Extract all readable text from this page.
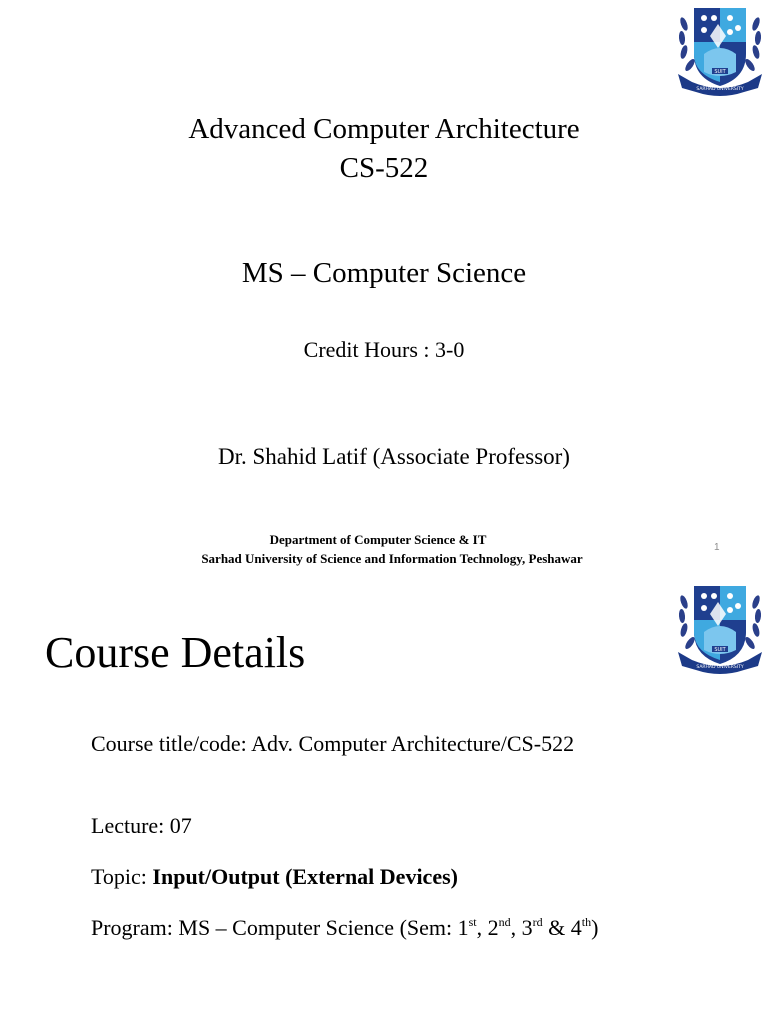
SUIT
SARHAD UNIVERSITY
Advanced Computer Architecture
CS-522
MS – Computer Science
Credit Hours : 3-0
Dr. Shahid Latif (Associate Professor)
Department of Computer Science & IT
Sarhad University of Science and Information Technology, Peshawar
1
SUIT
SARHAD UNIVERSITY
Course Details
Course title/code: Adv. Computer Architecture/CS-522
Lecture: 07
Topic: Input/Output (External Devices)
Program: MS – Computer Science (Sem: 1st, 2nd, 3rd & 4th)
